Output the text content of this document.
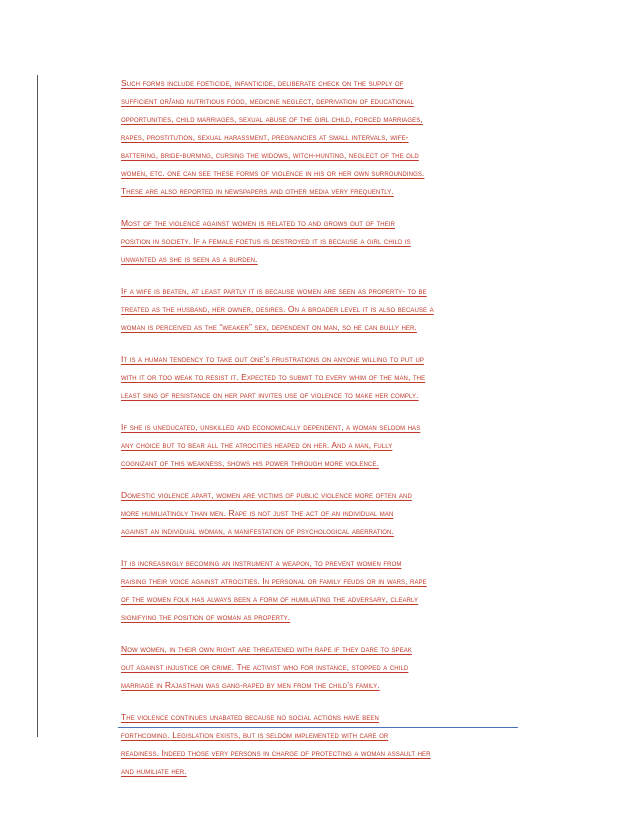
Such forms include foeticide, infanticide, deliberate check on the supply of
sufficient or/and nutritious food, medicine neglect, deprivation of educational
opportunities, child marriages, sexual abuse of the girl child, forced marriages,
rapes, prostitution, sexual harassment, pregnancies at small intervals, wife-
battering, bride-burning, cursing the widows, witch-hunting, neglect of the old
women, etc. one can see these forms of violence in his or her own surroundings.
These are also reported in newspapers and other media very frequently.
Most of the violence against women is related to and grows out of their
position in society. If a female foetus is destroyed it is because a girl child is
unwanted as she is seen as a burden.
If a wife is beaten, at least partly it is because women are seen as property- to be
treated as the husband, her owner, desires. On a broader level it is also because a
woman is perceived as the “weaker” sex, dependent on man, so he can bully her.
It is a human tendency to take out one’s frustrations on anyone willing to put up
with it or too weak to resist it. Expected to submit to every whim of the man, the
least sing of resistance on her part invites use of violence to make her comply.
If she is uneducated, unskilled and economically dependent, a woman seldom has
any choice but to bear all the atrocities heaped on her. And a man, fully
cognizant of this weakness, shows his power through more violence.
Domestic violence apart, women are victims of public violence more often and
more humiliatingly than men. Rape is not just the act of an individual man
against an individual woman, a manifestation of psychological aberration.
It is increasingly becoming an instrument a weapon, to prevent women from
raising their voice against atrocities. In personal or family feuds or in wars, rape
of the women folk has always been a form of humiliating the adversary, clearly
signifying the position of woman as property.
Now women, in their own right are threatened with rape if they dare to speak
out against injustice or crime. The activist who for instance, stopped a child
marriage in Rajasthan was gang-raped by men from the child’s family.
The violence continues unabated because no social actions have been
forthcoming. Legislation exists, but is seldom implemented with care or
readiness. Indeed those very persons in charge of protecting a woman assault her
and humiliate her.
